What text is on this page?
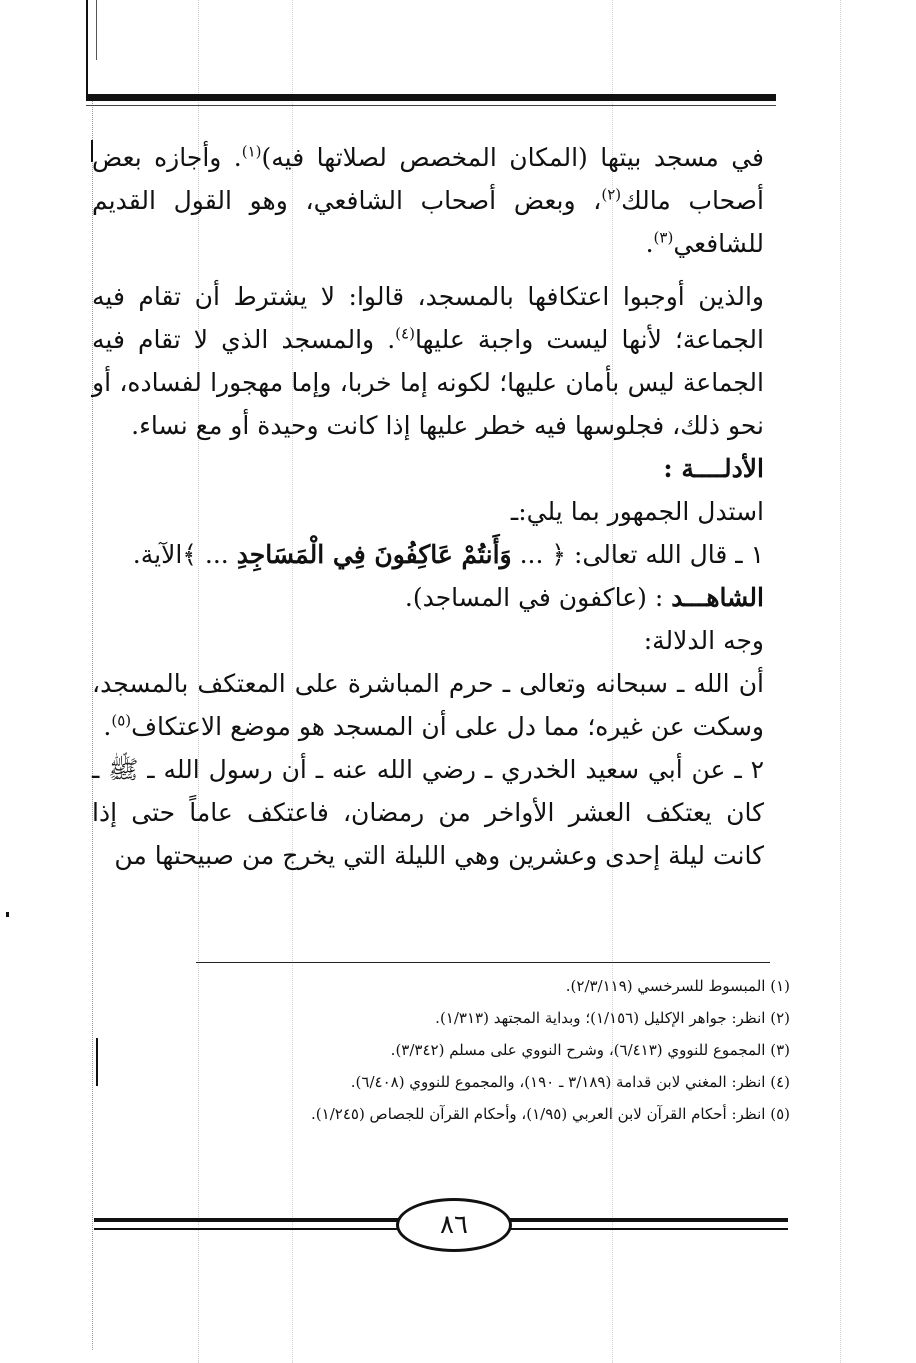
في مسجد بيتها (المكان المخصص لصلاتها فيه)$^{(١)}$. وأجازه بعض أصحاب مالك$^{(٢)}$، وبعض أصحاب الشافعي، وهو القول القديم للشافعي$^{(٣)}$.

والذين أوجبوا اعتكافها بالمسجد، قالوا: لا يشترط أن تقام فيه الجماعة؛ لأنها ليست واجبة عليها$^{(٤)}$. والمسجد الذي لا تقام فيه الجماعة ليس بأمان عليها؛ لكونه إما خربا، وإما مهجورا لفساده، أو نحو ذلك، فجلوسها فيه خطر عليها إذا كانت وحيدة أو مع نساء.

الأدلــــة :

استدل الجمهور بما يلي:ـ

١ ـ قال الله تعالى: ﴿ ... وَأَنتُمْ عَاكِفُونَ فِي الْمَسَاجِدِ ... ﴾الآية.

الشاهـــد : (عاكفون في المساجد).

وجه الدلالة:

أن الله ـ سبحانه وتعالى ـ حرم المباشرة على المعتكف بالمسجد، وسكت عن غيره؛ مما دل على أن المسجد هو موضع الاعتكاف$^{(٥)}$.

٢ ـ عن أبي سعيد الخدري ـ رضي الله عنه ـ أن رسول الله ـ ﷺ ـ كان يعتكف العشر الأواخر من رمضان، فاعتكف عاماً حتى إذا كانت ليلة إحدى وعشرين وهي الليلة التي يخرج من صبيحتها من

(١) المبسوط للسرخسي (٢/٣/١١٩).

(٢) انظر: جواهر الإكليل (١/١٥٦)؛ وبداية المجتهد (١/٣١٣).

(٣) المجموع للنووي (٦/٤١٣)، وشرح النووي على مسلم (٣/٣٤٢).

(٤) انظر: المغني لابن قدامة (٣/١٨٩ ـ ١٩٠)، والمجموع للنووي (٦/٤٠٨).

(٥) انظر: أحكام القرآن لابن العربي (١/٩٥)، وأحكام القرآن للجصاص (١/٢٤٥).

٨٦
